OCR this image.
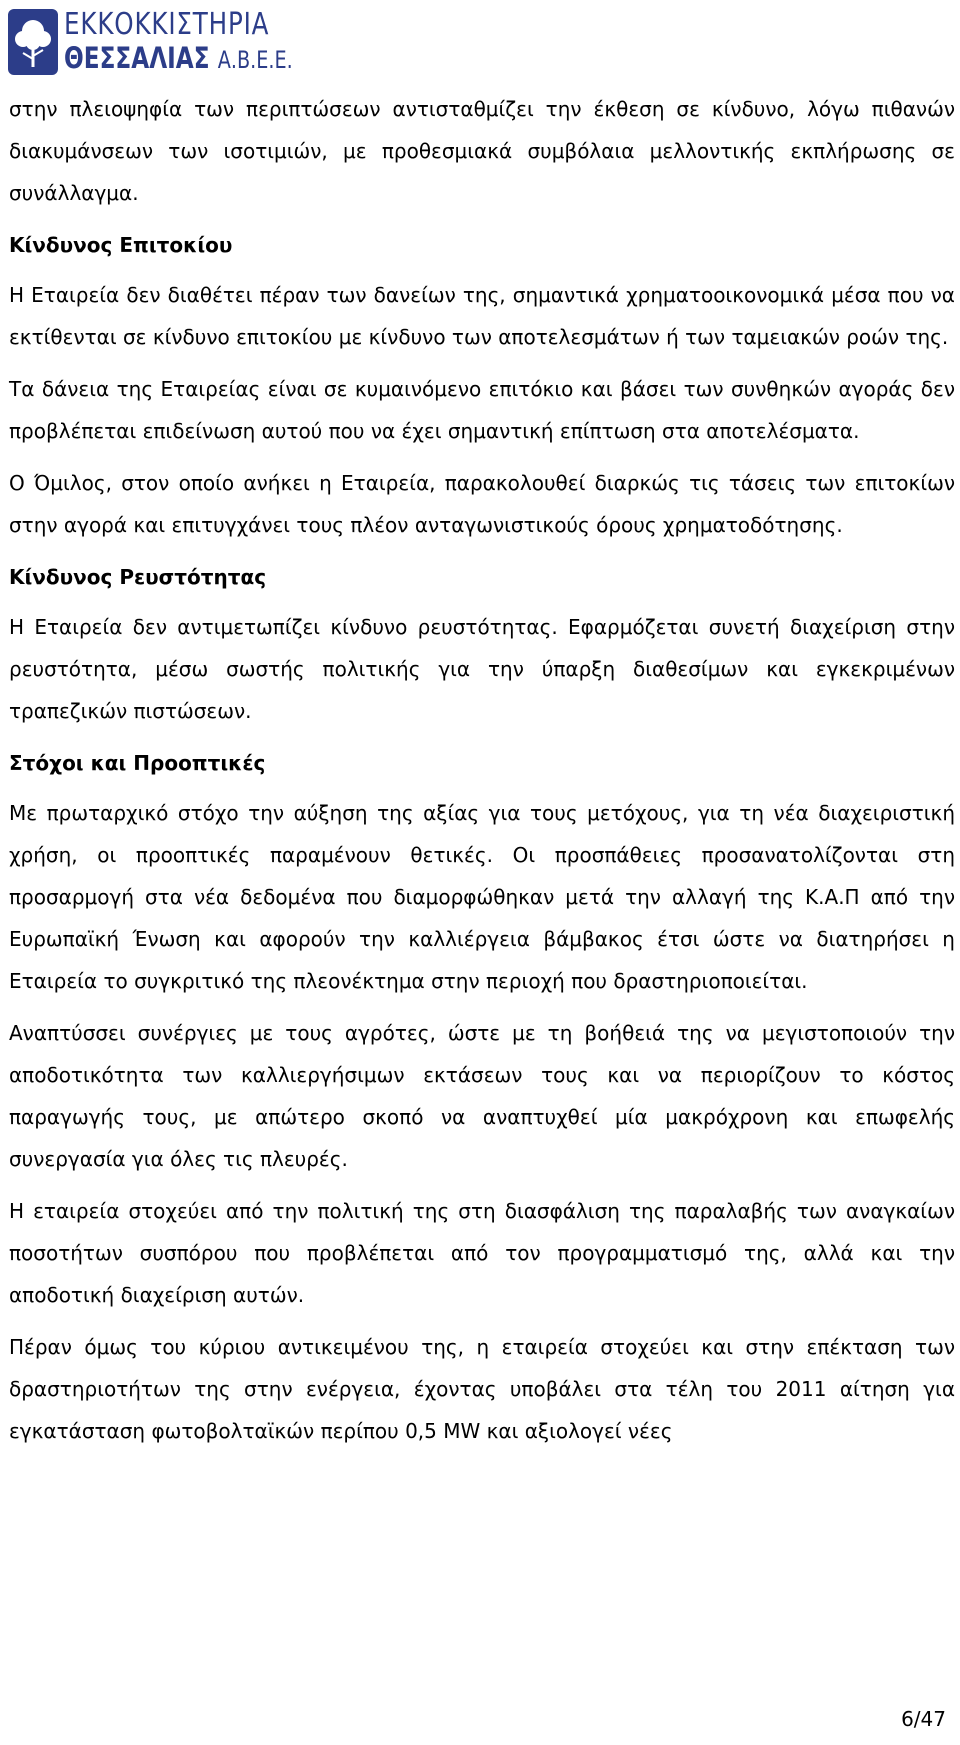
ΕΚΚΟΚΚΙΣΤΗΡΙΑ
ΘΕΣΣΑΛΙΑΣ Α.Β.Ε.Ε.

στην πλειοψηφία των περιπτώσεων αντισταθμίζει την έκθεση σε κίνδυνο, λόγω πιθανών διακυμάνσεων των ισοτιμιών, με προθεσμιακά συμβόλαια μελλοντικής εκπλήρωσης σε συνάλλαγμα.

Κίνδυνος Επιτοκίου

Η Εταιρεία δεν διαθέτει πέραν των δανείων της, σημαντικά χρηματοοικονομικά μέσα που να εκτίθενται σε κίνδυνο επιτοκίου με κίνδυνο των αποτελεσμάτων ή των ταμειακών ροών της.

Τα δάνεια της Εταιρείας είναι σε κυμαινόμενο επιτόκιο και βάσει των συνθηκών αγοράς δεν προβλέπεται επιδείνωση αυτού που να έχει σημαντική επίπτωση στα αποτελέσματα.

Ο Όμιλος, στον οποίο ανήκει η Εταιρεία, παρακολουθεί διαρκώς τις τάσεις των επιτοκίων στην αγορά και επιτυγχάνει τους πλέον ανταγωνιστικούς όρους χρηματοδότησης.

Κίνδυνος Ρευστότητας

Η Εταιρεία δεν αντιμετωπίζει κίνδυνο ρευστότητας. Εφαρμόζεται συνετή διαχείριση στην ρευστότητα, μέσω σωστής πολιτικής για την ύπαρξη διαθεσίμων και εγκεκριμένων τραπεζικών πιστώσεων.

Στόχοι και Προοπτικές

Με πρωταρχικό στόχο την αύξηση της αξίας για τους μετόχους, για τη νέα διαχειριστική χρήση, οι προοπτικές παραμένουν θετικές. Οι προσπάθειες προσανατολίζονται στη προσαρμογή στα νέα δεδομένα που διαμορφώθηκαν μετά την αλλαγή της Κ.Α.Π από την Ευρωπαϊκή Ένωση και αφορούν την καλλιέργεια βάμβακος έτσι ώστε να διατηρήσει η Εταιρεία το συγκριτικό της πλεονέκτημα στην περιοχή που δραστηριοποιείται.

Αναπτύσσει συνέργιες με τους αγρότες, ώστε με τη βοήθειά της να μεγιστοποιούν την αποδοτικότητα των καλλιεργήσιμων εκτάσεων τους και να περιορίζουν το κόστος παραγωγής τους, με απώτερο σκοπό να αναπτυχθεί μία μακρόχρονη και επωφελής συνεργασία για όλες τις πλευρές.

Η εταιρεία στοχεύει από την πολιτική της στη διασφάλιση της παραλαβής των αναγκαίων ποσοτήτων συσπόρου που προβλέπεται από τον προγραμματισμό της, αλλά και την αποδοτική διαχείριση αυτών.

Πέραν όμως του κύριου αντικειμένου της, η εταιρεία στοχεύει και στην επέκταση των δραστηριοτήτων της στην ενέργεια, έχοντας υποβάλει στα τέλη του 2011 αίτηση για εγκατάσταση φωτοβολταϊκών περίπου 0,5 MW και αξιολογεί νέες

6/47
